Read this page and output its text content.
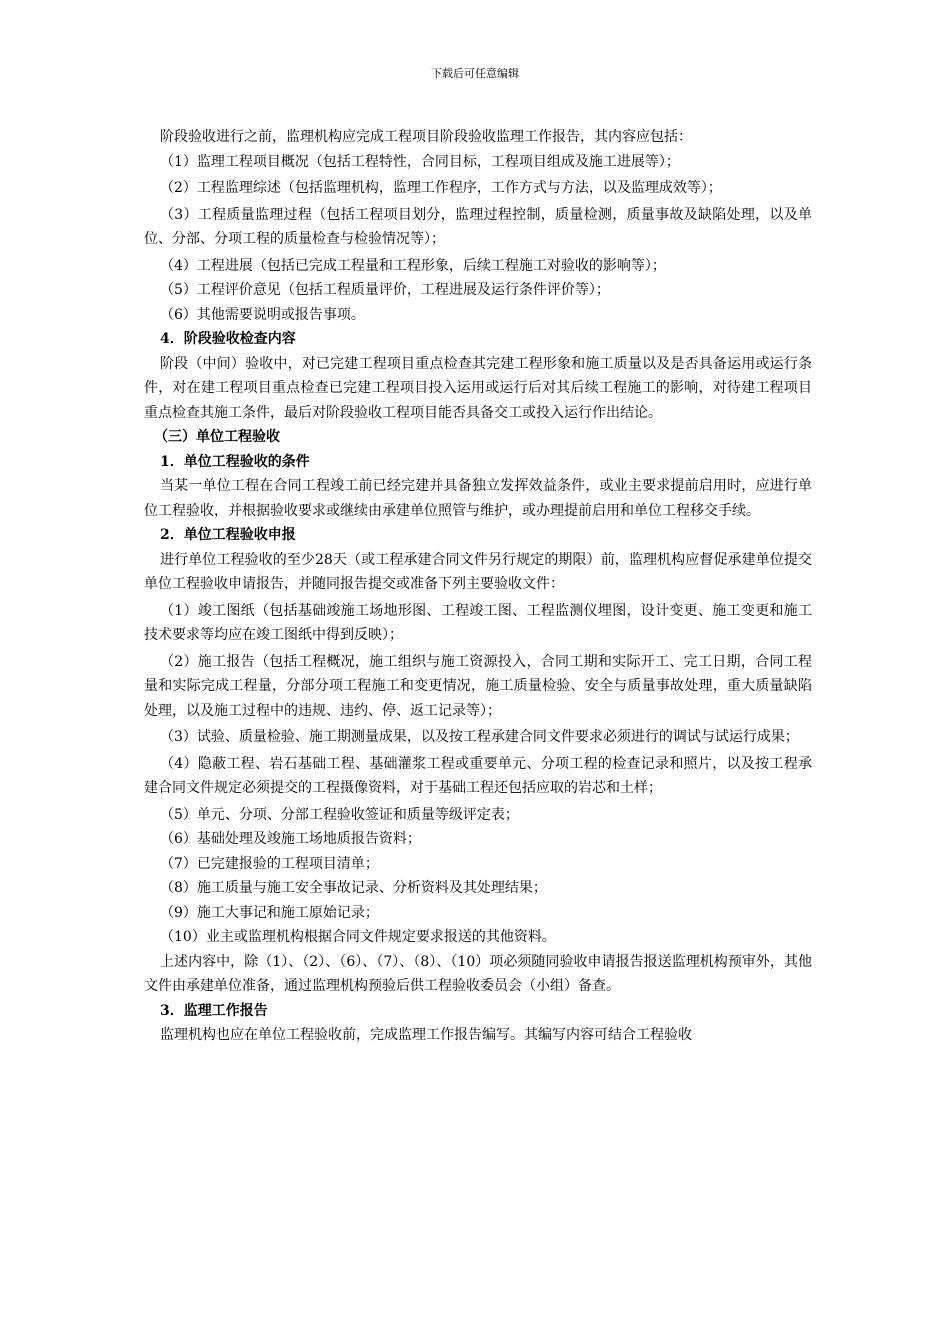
下载后可任意编辑

阶段验收进行之前，监理机构应完成工程项目阶段验收监理工作报告，其内容应包括：

（1）监理工程项目概况（包括工程特性，合同目标，工程项目组成及施工进展等）；

（2）工程监理综述（包括监理机构，监理工作程序，工作方式与方法，以及监理成效等）；

（3）工程质量监理过程（包括工程项目划分，监理过程控制，质量检测，质量事故及缺陷处理，以及单位、分部、分项工程的质量检查与检验情况等）；

（4）工程进展（包括已完成工程量和工程形象，后续工程施工对验收的影响等）；

（5）工程评价意见（包括工程质量评价，工程进展及运行条件评价等）；

（6）其他需要说明或报告事项。

4．阶段验收检查内容

阶段（中间）验收中，对已完建工程项目重点检查其完建工程形象和施工质量以及是否具备运用或运行条件，对在建工程项目重点检查已完建工程项目投入运用或运行后对其后续工程施工的影响，对待建工程项目重点检查其施工条件，最后对阶段验收工程项目能否具备交工或投入运行作出结论。

（三）单位工程验收

1．单位工程验收的条件

当某一单位工程在合同工程竣工前已经完建并具备独立发挥效益条件，或业主要求提前启用时，应进行单位工程验收，并根据验收要求或继续由承建单位照管与维护，或办理提前启用和单位工程移交手续。

2．单位工程验收申报

进行单位工程验收的至少28天（或工程承建合同文件另行规定的期限）前，监理机构应督促承建单位提交单位工程验收申请报告，并随同报告提交或准备下列主要验收文件：

（1）竣工图纸（包括基础竣施工场地形图、工程竣工图、工程监测仪埋图，设计变更、施工变更和施工技术要求等均应在竣工图纸中得到反映）；

（2）施工报告（包括工程概况，施工组织与施工资源投入，合同工期和实际开工、完工日期，合同工程量和实际完成工程量，分部分项工程施工和变更情况，施工质量检验、安全与质量事故处理，重大质量缺陷处理，以及施工过程中的违规、违约、停、返工记录等）；

（3）试验、质量检验、施工期测量成果，以及按工程承建合同文件要求必须进行的调试与试运行成果；

（4）隐蔽工程、岩石基础工程、基础灌浆工程或重要单元、分项工程的检查记录和照片，以及按工程承建合同文件规定必须提交的工程摄像资料，对于基础工程还包括应取的岩芯和土样；

（5）单元、分项、分部工程验收签证和质量等级评定表；

（6）基础处理及竣施工场地质报告资料；

（7）已完建报验的工程项目清单；

（8）施工质量与施工安全事故记录、分析资料及其处理结果；

（9）施工大事记和施工原始记录；

（10）业主或监理机构根据合同文件规定要求报送的其他资料。

上述内容中，除（1）、（2）、（6）、（7）、（8）、（10）项必须随同验收申请报告报送监理机构预审外，其他文件由承建单位准备，通过监理机构预验后供工程验收委员会（小组）备查。

3．监理工作报告

监理机构也应在单位工程验收前，完成监理工作报告编写。其编写内容可结合工程验收
